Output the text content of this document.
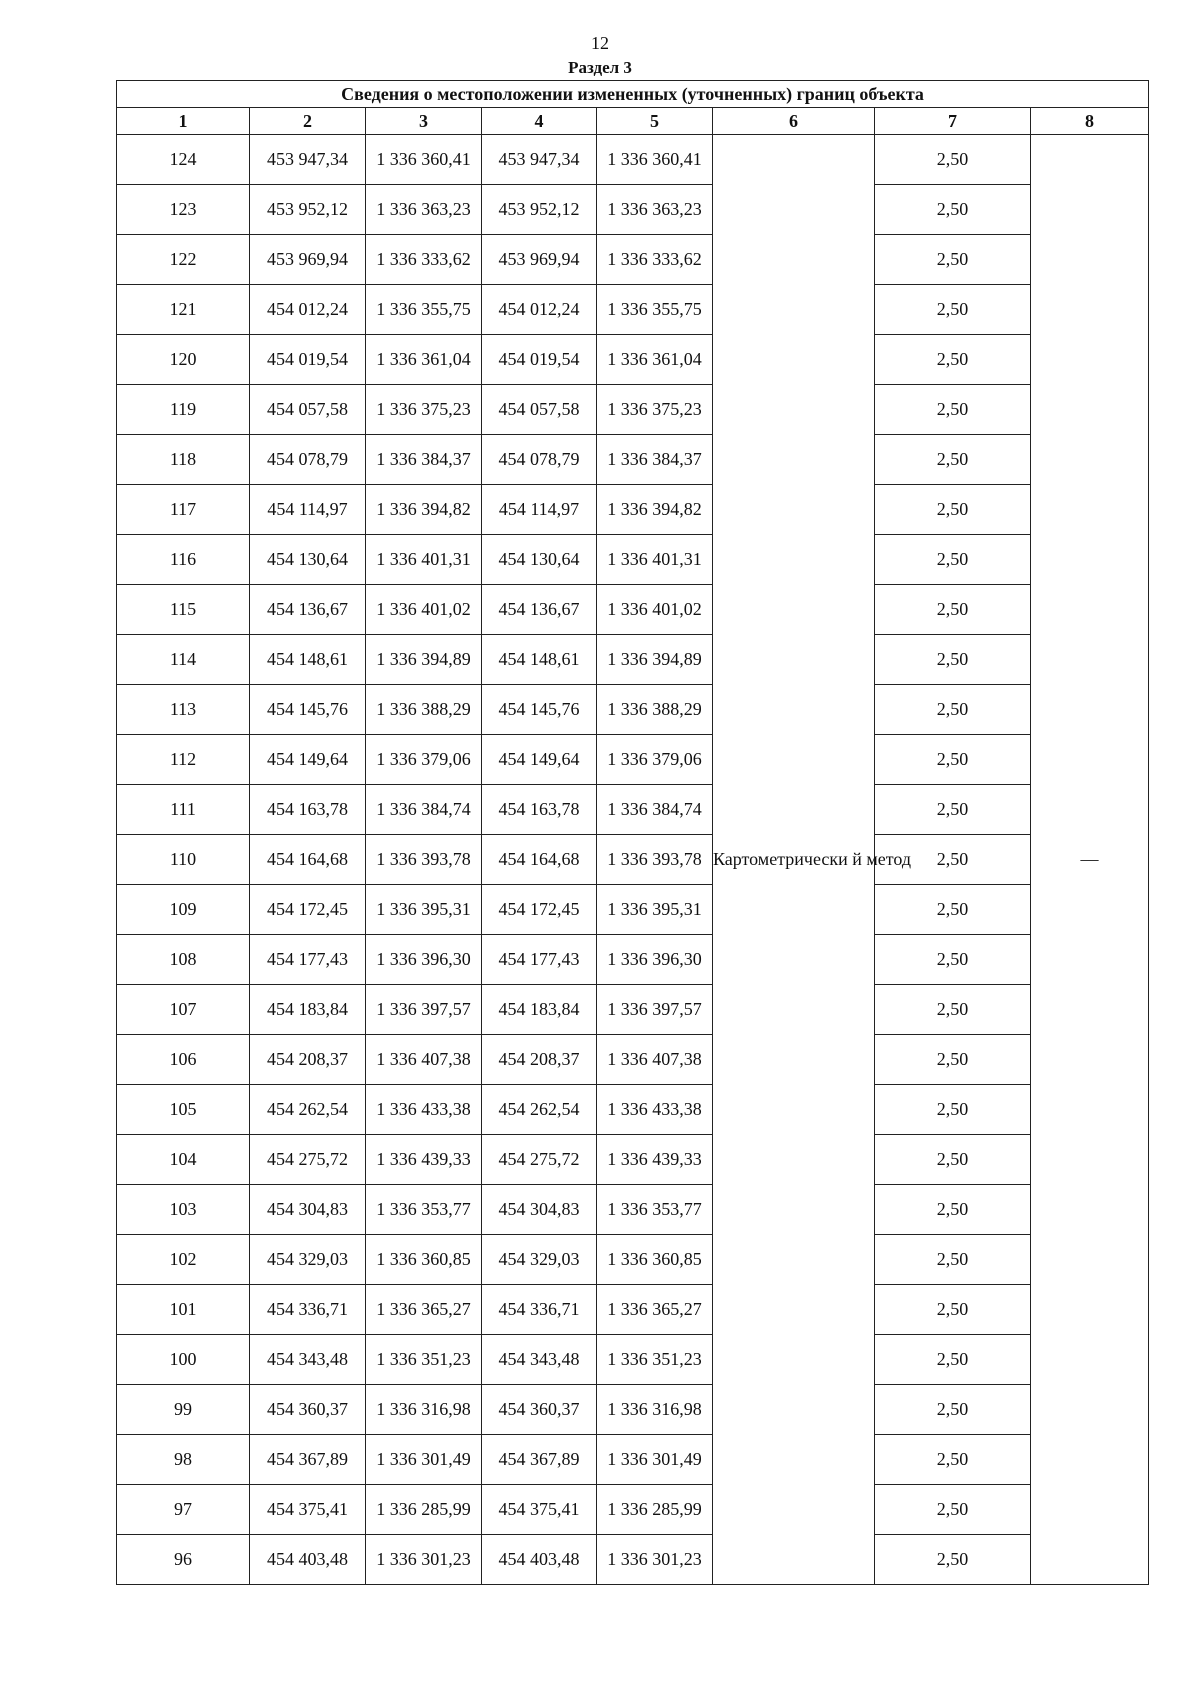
12
Раздел 3
Сведения о местоположении измененных (уточненных) границ объекта							
1	2	3	4	5	6	7	8
124	453 947,34	1 336 360,41	453 947,34	1 336 360,41	Картометрически й метод	2,50	—
123	453 952,12	1 336 363,23	453 952,12	1 336 363,23		2,50	
122	453 969,94	1 336 333,62	453 969,94	1 336 333,62		2,50	
121	454 012,24	1 336 355,75	454 012,24	1 336 355,75		2,50	
120	454 019,54	1 336 361,04	454 019,54	1 336 361,04		2,50	
119	454 057,58	1 336 375,23	454 057,58	1 336 375,23		2,50	
118	454 078,79	1 336 384,37	454 078,79	1 336 384,37		2,50	
117	454 114,97	1 336 394,82	454 114,97	1 336 394,82		2,50	
116	454 130,64	1 336 401,31	454 130,64	1 336 401,31		2,50	
115	454 136,67	1 336 401,02	454 136,67	1 336 401,02		2,50	
114	454 148,61	1 336 394,89	454 148,61	1 336 394,89		2,50	
113	454 145,76	1 336 388,29	454 145,76	1 336 388,29		2,50	
112	454 149,64	1 336 379,06	454 149,64	1 336 379,06		2,50	
111	454 163,78	1 336 384,74	454 163,78	1 336 384,74		2,50	
110	454 164,68	1 336 393,78	454 164,68	1 336 393,78		2,50	
109	454 172,45	1 336 395,31	454 172,45	1 336 395,31		2,50	
108	454 177,43	1 336 396,30	454 177,43	1 336 396,30		2,50	
107	454 183,84	1 336 397,57	454 183,84	1 336 397,57		2,50	
106	454 208,37	1 336 407,38	454 208,37	1 336 407,38		2,50	
105	454 262,54	1 336 433,38	454 262,54	1 336 433,38		2,50	
104	454 275,72	1 336 439,33	454 275,72	1 336 439,33		2,50	
103	454 304,83	1 336 353,77	454 304,83	1 336 353,77		2,50	
102	454 329,03	1 336 360,85	454 329,03	1 336 360,85		2,50	
101	454 336,71	1 336 365,27	454 336,71	1 336 365,27		2,50	
100	454 343,48	1 336 351,23	454 343,48	1 336 351,23		2,50	
99	454 360,37	1 336 316,98	454 360,37	1 336 316,98		2,50	
98	454 367,89	1 336 301,49	454 367,89	1 336 301,49		2,50	
97	454 375,41	1 336 285,99	454 375,41	1 336 285,99		2,50	
96	454 403,48	1 336 301,23	454 403,48	1 336 301,23		2,50	
